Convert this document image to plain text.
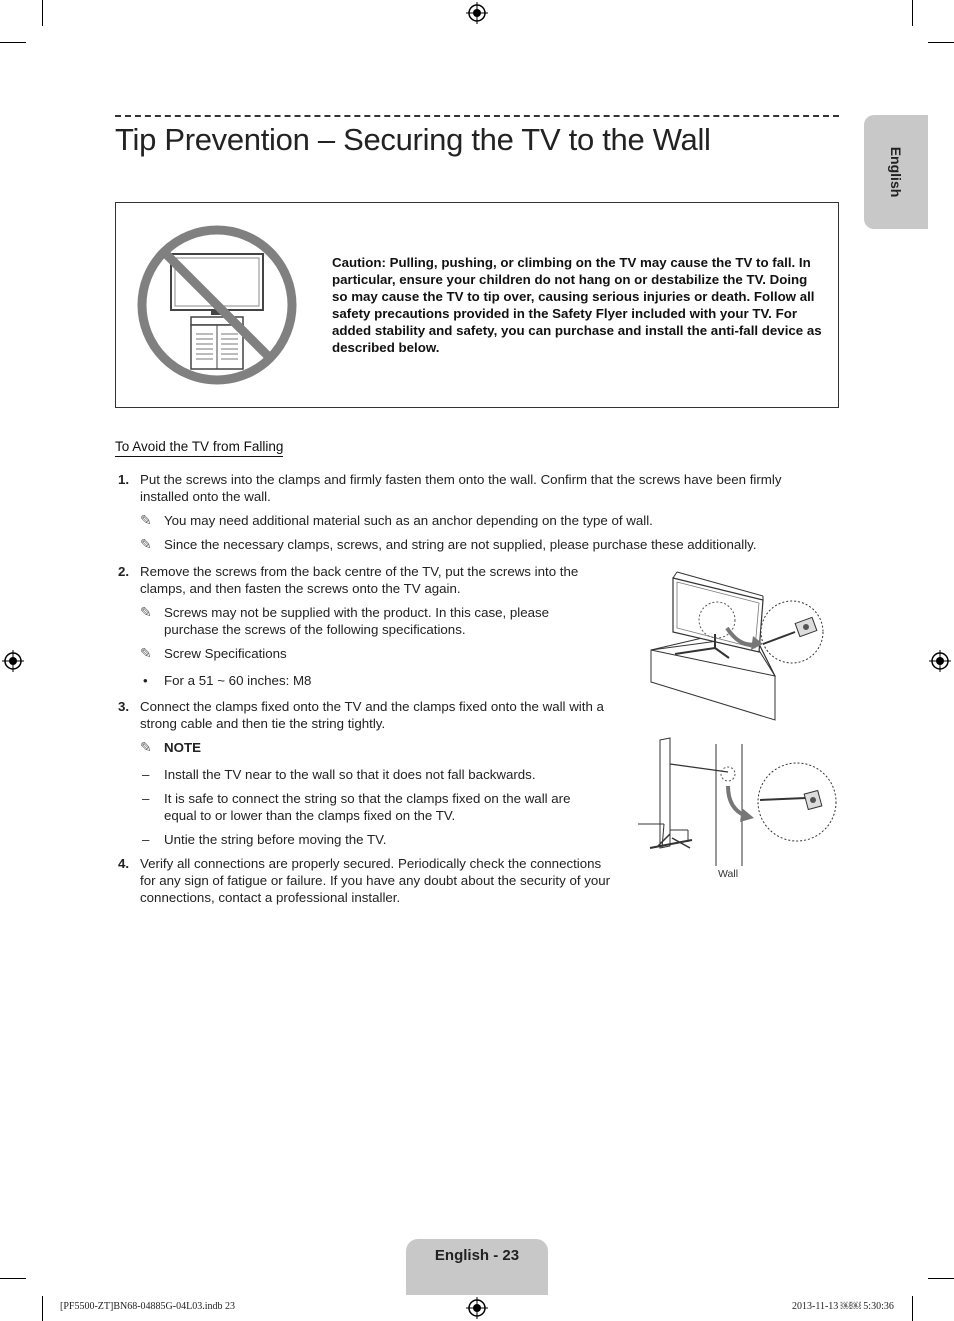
Tip Prevention – Securing the TV to the Wall
English

Caution: Pulling, pushing, or climbing on the TV may cause the TV to fall. In particular, ensure your children do not hang on or destabilize the TV. Doing so may cause the TV to tip over, causing serious injuries or death. Follow all safety precautions provided in the Safety Flyer included with your TV. For added stability and safety, you can purchase and install the anti-fall device as described below.

To Avoid the TV from Falling
1. Put the screws into the clamps and firmly fasten them onto the wall. Confirm that the screws have been firmly installed onto the wall.

✎ You may need additional material such as an anchor depending on the type of wall.

✎ Since the necessary clamps, screws, and string are not supplied, please purchase these additionally.

2. Remove the screws from the back centre of the TV, put the screws into the clamps, and then fasten the screws onto the TV again.

✎ Screws may not be supplied with the product. In this case, please purchase the screws of the following specifications.

✎ Screw Specifications

• For a 51 ~ 60 inches: M8

3. Connect the clamps fixed onto the TV and the clamps fixed onto the wall with a strong cable and then tie the string tightly.

✎ NOTE

– Install the TV near to the wall so that it does not fall backwards.

– It is safe to connect the string so that the clamps fixed on the wall are equal to or lower than the clamps fixed on the TV.

– Untie the string before moving the TV.

4. Verify all connections are properly secured. Periodically check the connections for any sign of fatigue or failure. If you have any doubt about the security of your connections, contact a professional installer.

Wall
English - 23
[PF5500-ZT]BN68-04885G-04L03.indb 23	2013-11-13 ￼￼ 5:30:36
